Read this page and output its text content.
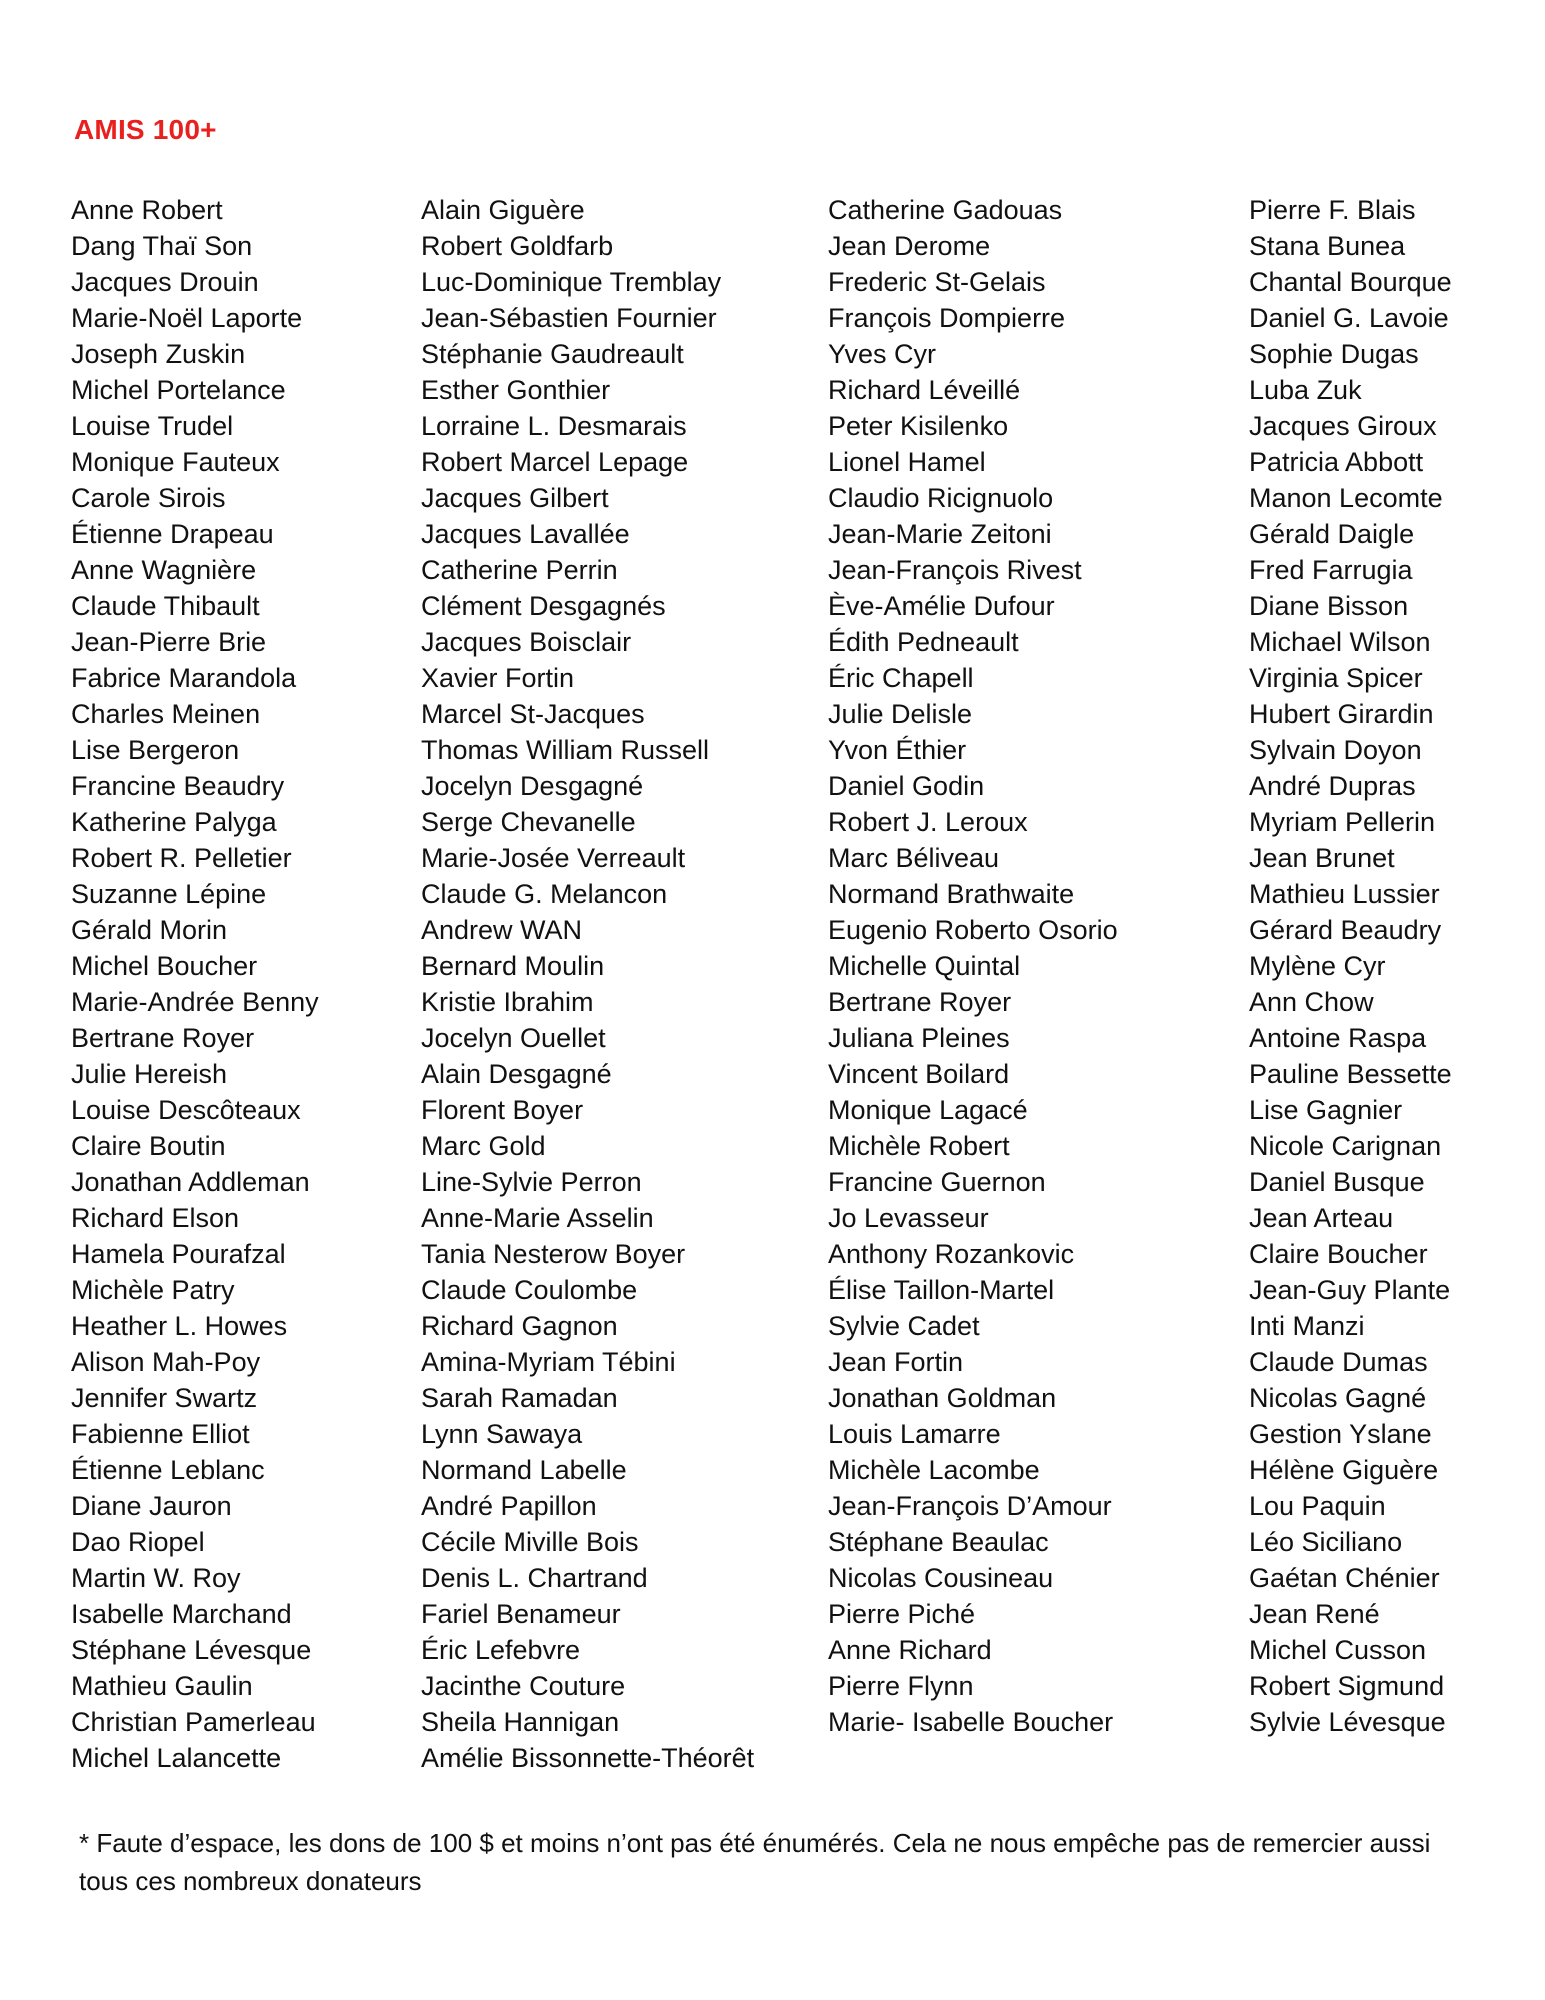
AMIS 100+
Anne Robert
Dang Thaï Son
Jacques Drouin
Marie-Noël Laporte
Joseph Zuskin
Michel Portelance
Louise Trudel
Monique Fauteux
Carole Sirois
Étienne Drapeau
Anne Wagnière
Claude Thibault
Jean-Pierre Brie
Fabrice Marandola
Charles Meinen
Lise Bergeron
Francine Beaudry
Katherine Palyga
Robert R. Pelletier
Suzanne Lépine
Gérald Morin
Michel Boucher
Marie-Andrée Benny
Bertrane Royer
Julie Hereish
Louise Descôteaux
Claire Boutin
Jonathan Addleman
Richard Elson
Hamela Pourafzal
Michèle Patry
Heather L. Howes
Alison Mah-Poy
Jennifer Swartz
Fabienne Elliot
Étienne Leblanc
Diane Jauron
Dao Riopel
Martin W. Roy
Isabelle Marchand
Stéphane Lévesque
Mathieu Gaulin
Christian Pamerleau
Michel Lalancette
Alain Giguère
Robert Goldfarb
Luc-Dominique Tremblay
Jean-Sébastien Fournier
Stéphanie Gaudreault
Esther Gonthier
Lorraine L. Desmarais
Robert Marcel Lepage
Jacques Gilbert
Jacques Lavallée
Catherine Perrin
Clément Desgagnés
Jacques Boisclair
Xavier Fortin
Marcel St-Jacques
Thomas William Russell
Jocelyn Desgagné
Serge Chevanelle
Marie-Josée Verreault
Claude G. Melancon
Andrew WAN
Bernard Moulin
Kristie Ibrahim
Jocelyn Ouellet
Alain Desgagné
Florent Boyer
Marc Gold
Line-Sylvie Perron
Anne-Marie Asselin
Tania Nesterow Boyer
Claude Coulombe
Richard Gagnon
Amina-Myriam Tébini
Sarah Ramadan
Lynn Sawaya
Normand Labelle
André Papillon
Cécile Miville Bois
Denis L. Chartrand
Fariel Benameur
Éric Lefebvre
Jacinthe Couture
Sheila Hannigan
Amélie Bissonnette-Théorêt
Catherine Gadouas
Jean Derome
Frederic St-Gelais
François Dompierre
Yves Cyr
Richard Léveillé
Peter Kisilenko
Lionel Hamel
Claudio Ricignuolo
Jean-Marie Zeitoni
Jean-François Rivest
Ève-Amélie Dufour
Édith Pedneault
Éric Chapell
Julie Delisle
Yvon Éthier
Daniel Godin
Robert J. Leroux
Marc Béliveau
Normand Brathwaite
Eugenio Roberto Osorio
Michelle Quintal
Bertrane Royer
Juliana Pleines
Vincent Boilard
Monique Lagacé
Michèle Robert
Francine Guernon
Jo Levasseur
Anthony Rozankovic
Élise Taillon-Martel
Sylvie Cadet
Jean Fortin
Jonathan Goldman
Louis Lamarre
Michèle Lacombe
Jean-François D’Amour
Stéphane Beaulac
Nicolas Cousineau
Pierre Piché
Anne Richard
Pierre Flynn
Marie- Isabelle Boucher
Pierre F. Blais
Stana Bunea
Chantal Bourque
Daniel G. Lavoie
Sophie Dugas
Luba Zuk
Jacques Giroux
Patricia Abbott
Manon Lecomte
Gérald Daigle
Fred Farrugia
Diane Bisson
Michael Wilson
Virginia Spicer
Hubert Girardin
Sylvain Doyon
André Dupras
Myriam Pellerin
Jean Brunet
Mathieu Lussier
Gérard Beaudry
Mylène Cyr
Ann Chow
Antoine Raspa
Pauline Bessette
Lise Gagnier
Nicole Carignan
Daniel Busque
Jean Arteau
Claire Boucher
Jean-Guy Plante
Inti Manzi
Claude Dumas
Nicolas Gagné
Gestion Yslane
Hélène Giguère
Lou Paquin
Léo Siciliano
Gaétan Chénier
Jean René
Michel Cusson
Robert Sigmund
Sylvie Lévesque
* Faute d’espace, les dons de 100 $ et moins n’ont pas été énumérés. Cela ne nous empêche pas de remercier aussi tous ces nombreux donateurs
